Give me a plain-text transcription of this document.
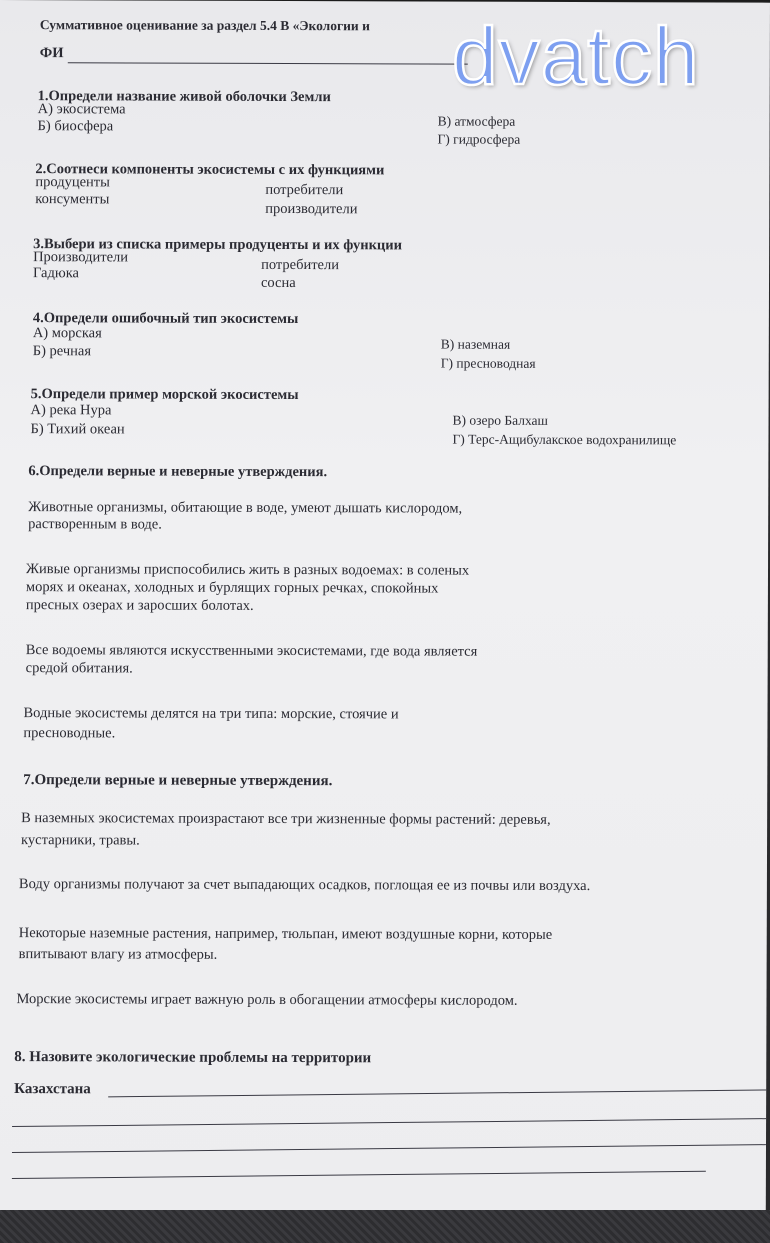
Суммативное оценивание за раздел 5.4 В «Экологии и
ФИ
1.Определи название живой оболочки Земли
А) экосистема
Б) биосфера	В) атмосфера
Г) гидросфера
2.Соотнеси компоненты экосистемы с их функциями
продуценты
консументы
потребители
производители
3.Выбери из списка примеры продуценты и их функции
Производители
Гадюка
потребители
сосна
4.Определи ошибочный тип экосистемы
А) морская
Б) речная	В) наземная
Г) пресноводная
5.Определи пример морской экосистемы
А) река Нура
Б) Тихий океан
В) озеро Балхаш
Г) Терс-Ащибулакское водохранилище
6.Определи верные и неверные утверждения.
Животные организмы, обитающие в воде, умеют дышать кислородом,
растворенным в воде.
Живые организмы приспособились жить в разных водоемах: в соленых
морях и океанах, холодных и бурлящих горных речках, спокойных
пресных озерах и заросших болотах.
Все водоемы являются искусственными экосистемами, где вода является
средой обитания.
Водные экосистемы делятся на три типа: морские, стоячие и
пресноводные.
7.Определи верные и неверные утверждения.
В наземных экосистемах произрастают все три жизненные формы растений: деревья,
кустарники, травы.
Воду организмы получают за счет выпадающих осадков, поглощая ее из почвы или воздуха.
Некоторые наземные растения, например, тюльпан, имеют воздушные корни, которые
впитывают влагу из атмосферы.
Морские экосистемы играет важную роль в обогащении атмосферы кислородом.
8. Назовите экологические проблемы на территории
Казахстана
dvatch
